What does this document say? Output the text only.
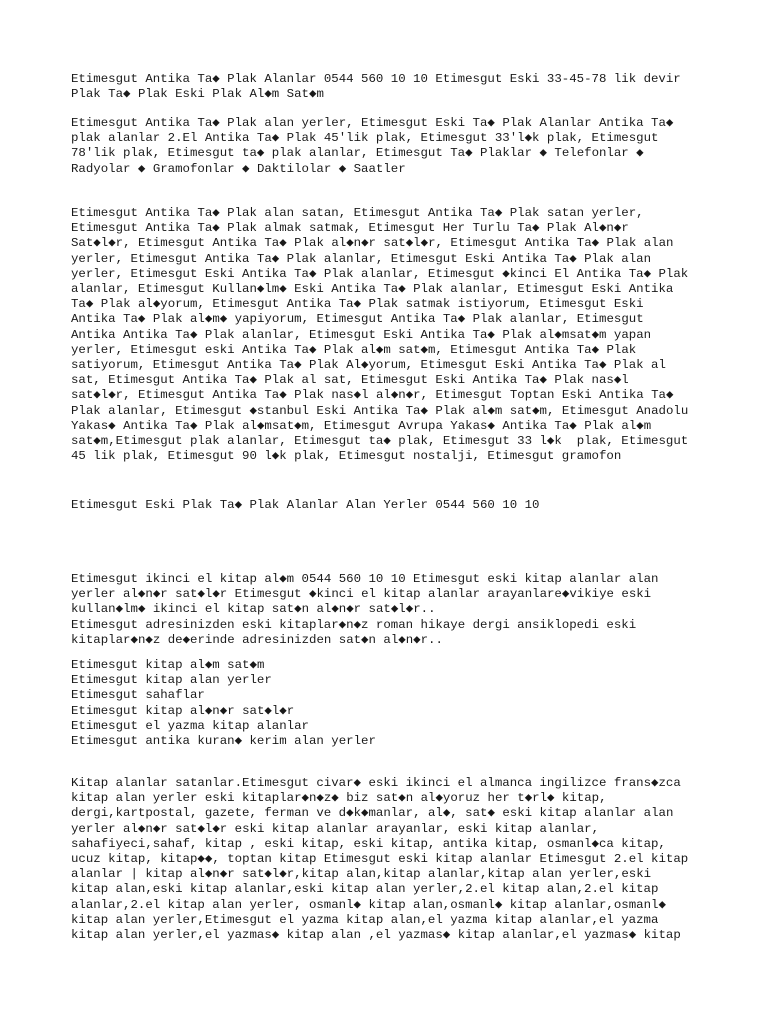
Etimesgut Antika Ta◆ Plak Alanlar 0544 560 10 10 Etimesgut Eski 33-45-78 lik devir
Plak Ta◆ Plak Eski Plak Al◆m Sat◆m

Etimesgut Antika Ta◆ Plak alan yerler, Etimesgut Eski Ta◆ Plak Alanlar Antika Ta◆
plak alanlar 2.El Antika Ta◆ Plak 45'lik plak, Etimesgut 33'l◆k plak, Etimesgut
78'lik plak, Etimesgut ta◆ plak alanlar, Etimesgut Ta◆ Plaklar ◆ Telefonlar ◆
Radyolar ◆ Gramofonlar ◆ Daktilolar ◆ Saatler

Etimesgut Antika Ta◆ Plak alan satan, Etimesgut Antika Ta◆ Plak satan yerler,
Etimesgut Antika Ta◆ Plak almak satmak, Etimesgut Her Turlu Ta◆ Plak Al◆n◆r
Sat◆l◆r, Etimesgut Antika Ta◆ Plak al◆n◆r sat◆l◆r, Etimesgut Antika Ta◆ Plak alan
yerler, Etimesgut Antika Ta◆ Plak alanlar, Etimesgut Eski Antika Ta◆ Plak alan
yerler, Etimesgut Eski Antika Ta◆ Plak alanlar, Etimesgut ◆kinci El Antika Ta◆ Plak
alanlar, Etimesgut Kullan◆lm◆ Eski Antika Ta◆ Plak alanlar, Etimesgut Eski Antika
Ta◆ Plak al◆yorum, Etimesgut Antika Ta◆ Plak satmak istiyorum, Etimesgut Eski
Antika Ta◆ Plak al◆m◆ yapiyorum, Etimesgut Antika Ta◆ Plak alanlar, Etimesgut
Antika Antika Ta◆ Plak alanlar, Etimesgut Eski Antika Ta◆ Plak al◆msat◆m yapan
yerler, Etimesgut eski Antika Ta◆ Plak al◆m sat◆m, Etimesgut Antika Ta◆ Plak
satiyorum, Etimesgut Antika Ta◆ Plak Al◆yorum, Etimesgut Eski Antika Ta◆ Plak al
sat, Etimesgut Antika Ta◆ Plak al sat, Etimesgut Eski Antika Ta◆ Plak nas◆l
sat◆l◆r, Etimesgut Antika Ta◆ Plak nas◆l al◆n◆r, Etimesgut Toptan Eski Antika Ta◆
Plak alanlar, Etimesgut ◆stanbul Eski Antika Ta◆ Plak al◆m sat◆m, Etimesgut Anadolu
Yakas◆ Antika Ta◆ Plak al◆msat◆m, Etimesgut Avrupa Yakas◆ Antika Ta◆ Plak al◆m
sat◆m,Etimesgut plak alanlar, Etimesgut ta◆ plak, Etimesgut 33 l◆k  plak, Etimesgut
45 lik plak, Etimesgut 90 l◆k plak, Etimesgut nostalji, Etimesgut gramofon

Etimesgut Eski Plak Ta◆ Plak Alanlar Alan Yerler 0544 560 10 10

Etimesgut ikinci el kitap al◆m 0544 560 10 10 Etimesgut eski kitap alanlar alan
yerler al◆n◆r sat◆l◆r Etimesgut ◆kinci el kitap alanlar arayanlare◆vikiye eski
kullan◆lm◆ ikinci el kitap sat◆n al◆n◆r sat◆l◆r..
Etimesgut adresinizden eski kitaplar◆n◆z roman hikaye dergi ansiklopedi eski
kitaplar◆n◆z de◆erinde adresinizden sat◆n al◆n◆r..

Etimesgut kitap al◆m sat◆m
Etimesgut kitap alan yerler
Etimesgut sahaflar
Etimesgut kitap al◆n◆r sat◆l◆r
Etimesgut el yazma kitap alanlar
Etimesgut antika kuran◆ kerim alan yerler

Kitap alanlar satanlar.Etimesgut civar◆ eski ikinci el almanca ingilizce frans◆zca
kitap alan yerler eski kitaplar◆n◆z◆ biz sat◆n al◆yoruz her t◆rl◆ kitap,
dergi,kartpostal, gazete, ferman ve d◆k◆manlar, al◆, sat◆ eski kitap alanlar alan
yerler al◆n◆r sat◆l◆r eski kitap alanlar arayanlar, eski kitap alanlar,
sahafiyeci,sahaf, kitap , eski kitap, eski kitap, antika kitap, osmanl◆ca kitap,
ucuz kitap, kitap◆◆, toptan kitap Etimesgut eski kitap alanlar Etimesgut 2.el kitap
alanlar | kitap al◆n◆r sat◆l◆r,kitap alan,kitap alanlar,kitap alan yerler,eski
kitap alan,eski kitap alanlar,eski kitap alan yerler,2.el kitap alan,2.el kitap
alanlar,2.el kitap alan yerler, osmanl◆ kitap alan,osmanl◆ kitap alanlar,osmanl◆
kitap alan yerler,Etimesgut el yazma kitap alan,el yazma kitap alanlar,el yazma
kitap alan yerler,el yazmas◆ kitap alan ,el yazmas◆ kitap alanlar,el yazmas◆ kitap
